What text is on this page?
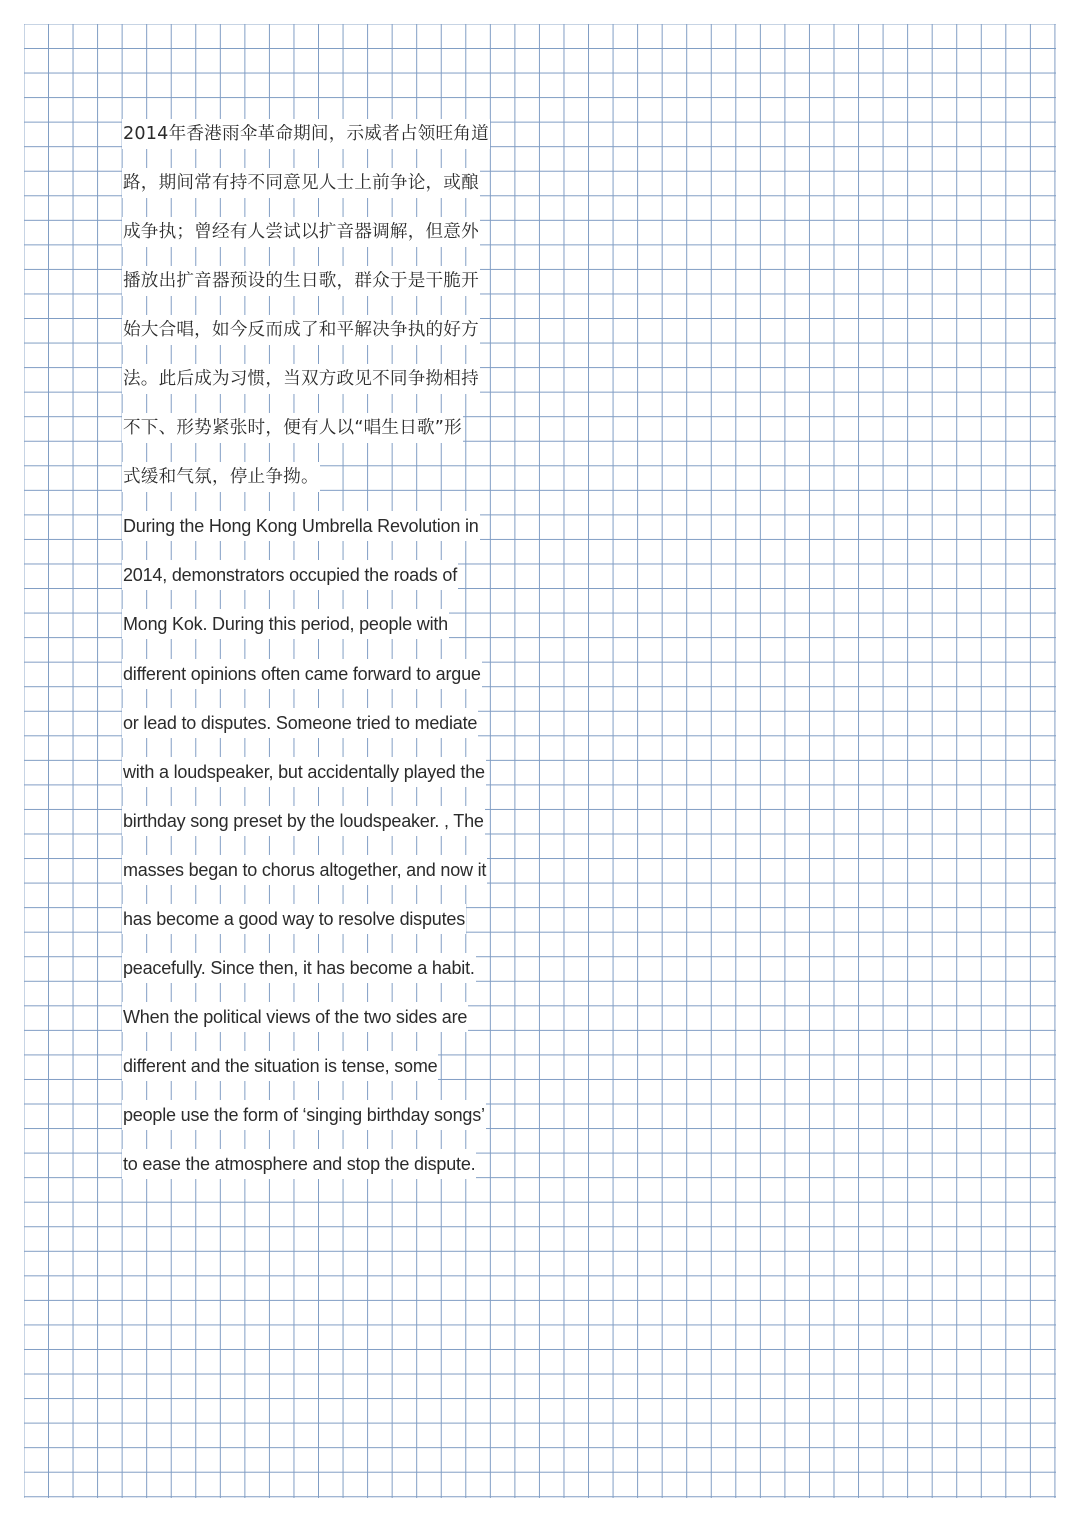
2014年香港雨伞革命期间，示威者占领旺角道
路，期间常有持不同意见人士上前争论，或酿
成争执；曾经有人尝试以扩音器调解，但意外
播放出扩音器预设的生日歌，群众于是干脆开
始大合唱，如今反而成了和平解决争执的好方
法。此后成为习惯，当双方政见不同争拗相持
不下、形势紧张时，便有人以“唱生日歌”形
式缓和气氛，停止争拗。
During the Hong Kong Umbrella Revolution in
2014, demonstrators occupied the roads of
Mong Kok. During this period, people with
different opinions often came forward to argue
or lead to disputes. Someone tried to mediate
with a loudspeaker, but accidentally played the
birthday song preset by the loudspeaker. , The
masses began to chorus altogether, and now it
has become a good way to resolve disputes
peacefully. Since then, it has become a habit.
When the political views of the two sides are
different and the situation is tense, some
people use the form of ‘singing birthday songs’
to ease the atmosphere and stop the dispute.
